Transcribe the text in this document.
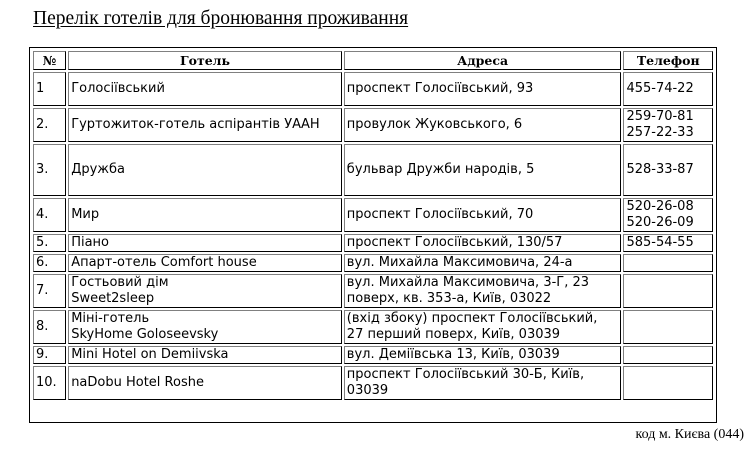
Перелік готелів для бронювання проживання
№	Готель	Адреса	Телефон
1	Голосіївський	проспект Голосіївський, 93	455-74-22

2.	Гуртожиток-готель аспірантів УААН	провулок Жуковського, 6	259-70-81
257-22-33

3.	Дружба	бульвар Дружби народів, 5	528-33-87

4.	Мир	проспект Голосіївський, 70	520-26-08
520-26-09

5.	Піано	проспект Голосіївський, 130/57	585-54-55

6.	Апарт-отель Comfort house	вул. Михайла Максимовича, 24-а	

7.	Гостьовий дім
Sweet2sleep	вул. Михайла Максимовича, 3-Г, 23
поверх, кв. 353-а, Київ, 03022	

8.	Міні-готель
SkyHome Goloseevsky	(вхід збоку) проспект Голосіївський,
27 перший поверх, Київ, 03039	

9.	Mini Hotel on Demiivska	вул. Деміївська 13, Київ, 03039	

10.	naDobu Hotel Roshe	проспект Голосіївський 30-Б, Київ,
03039	

код м. Києва (044)
